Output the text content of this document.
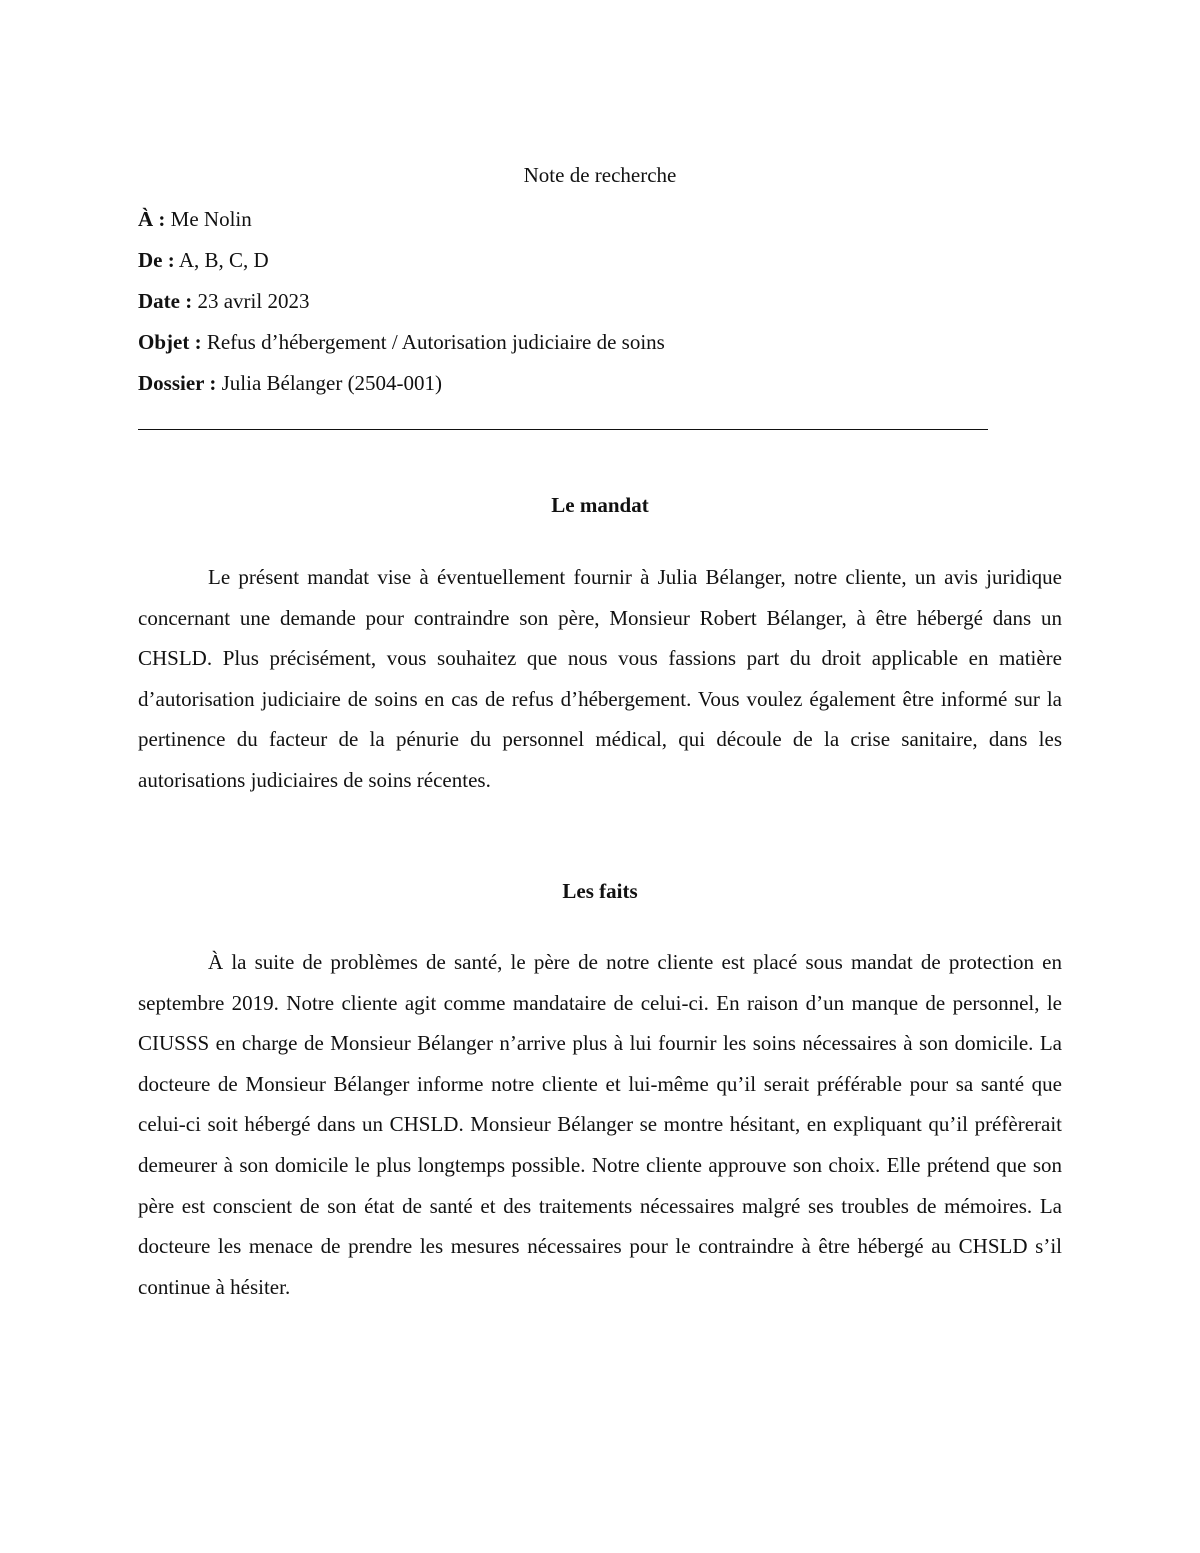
Note de recherche
À : Me Nolin
De : A, B, C, D
Date : 23 avril 2023
Objet : Refus d’hébergement / Autorisation judiciaire de soins
Dossier : Julia Bélanger (2504-001)
Le mandat

Le présent mandat vise à éventuellement fournir à Julia Bélanger, notre cliente, un avis juridique concernant une demande pour contraindre son père, Monsieur Robert Bélanger, à être hébergé dans un CHSLD. Plus précisément, vous souhaitez que nous vous fassions part du droit applicable en matière d’autorisation judiciaire de soins en cas de refus d’hébergement. Vous voulez également être informé sur la pertinence du facteur de la pénurie du personnel médical, qui découle de la crise sanitaire, dans les autorisations judiciaires de soins récentes.

Les faits

À la suite de problèmes de santé, le père de notre cliente est placé sous mandat de protection en septembre 2019. Notre cliente agit comme mandataire de celui-ci. En raison d’un manque de personnel, le CIUSSS en charge de Monsieur Bélanger n’arrive plus à lui fournir les soins nécessaires à son domicile. La docteure de Monsieur Bélanger informe notre cliente et lui-même qu’il serait préférable pour sa santé que celui-ci soit hébergé dans un CHSLD. Monsieur Bélanger se montre hésitant, en expliquant qu’il préfèrerait demeurer à son domicile le plus longtemps possible. Notre cliente approuve son choix. Elle prétend que son père est conscient de son état de santé et des traitements nécessaires malgré ses troubles de mémoires. La docteure les menace de prendre les mesures nécessaires pour le contraindre à être hébergé au CHSLD s’il continue à hésiter.
